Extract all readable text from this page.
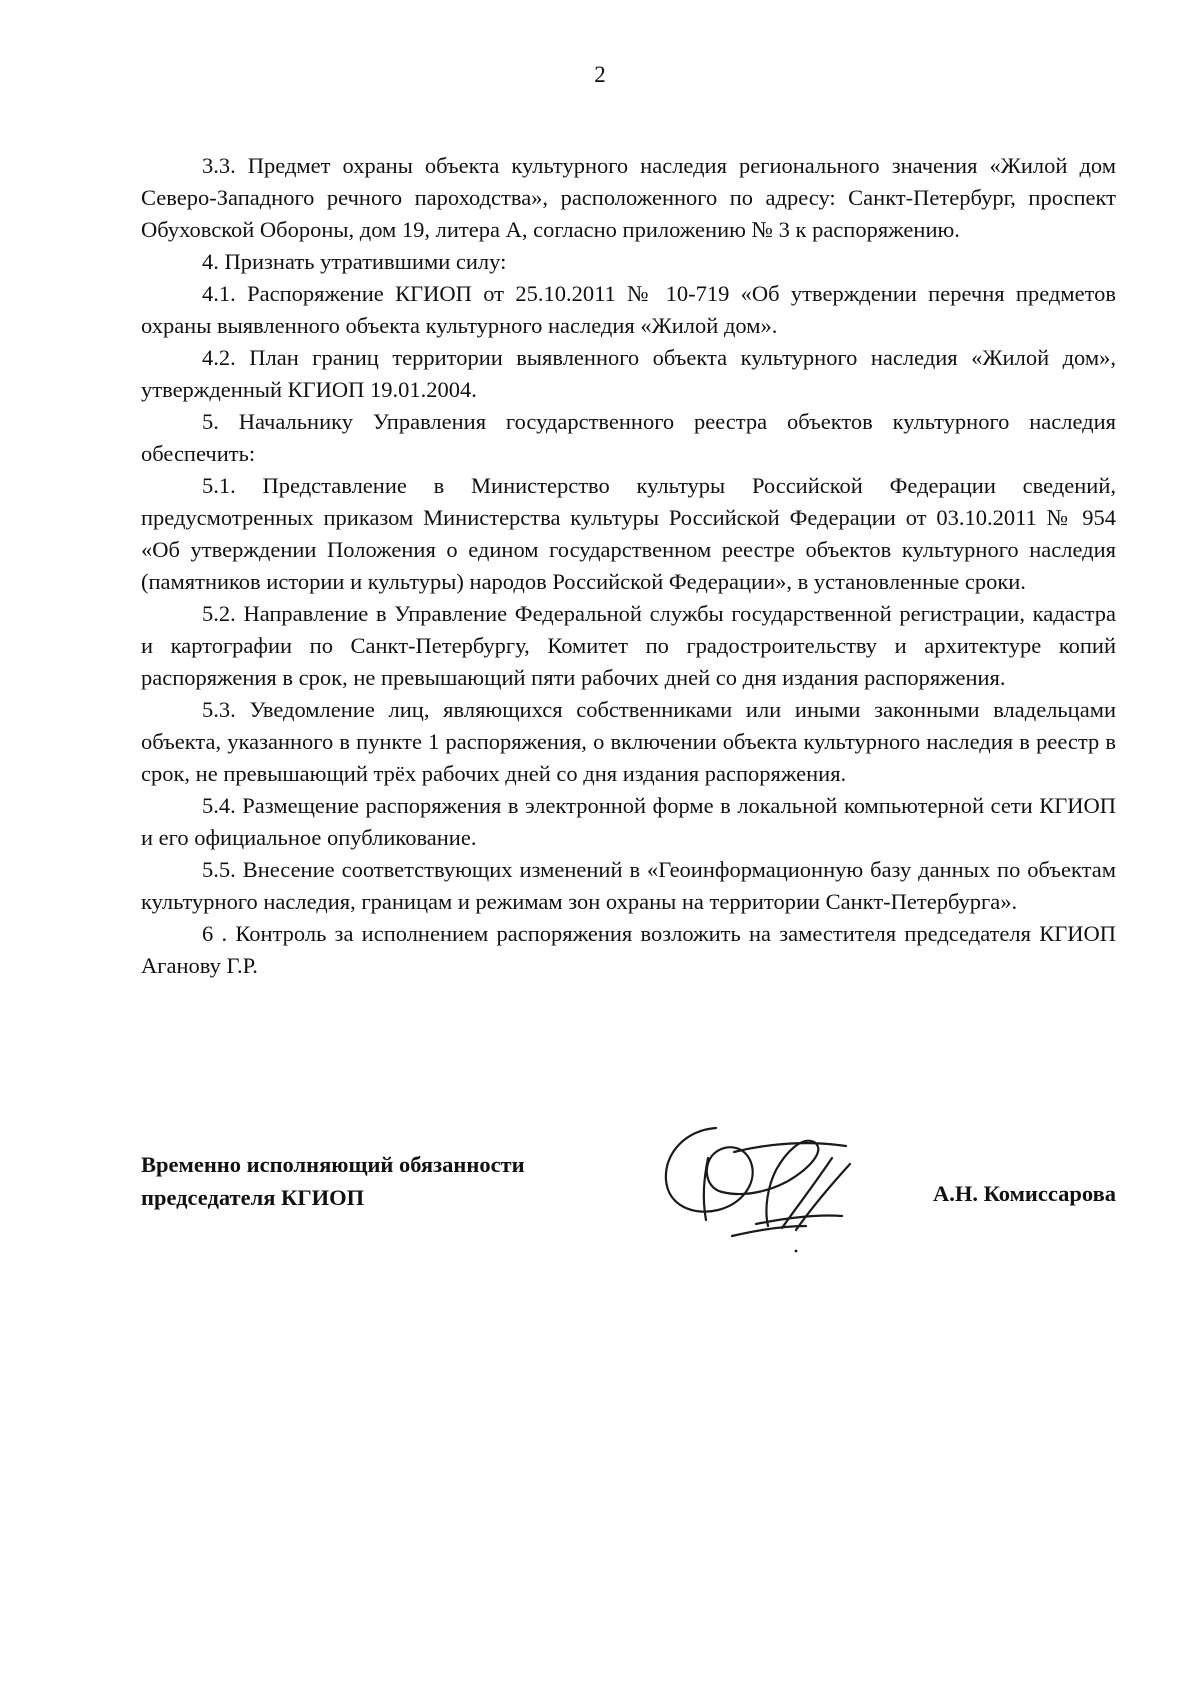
2

3.3. Предмет охраны объекта культурного наследия регионального значения «Жилой дом Северо-Западного речного пароходства», расположенного по адресу: Санкт-Петербург, проспект Обуховской Обороны, дом 19, литера А, согласно приложению № 3 к распоряжению.

4. Признать утратившими силу:

4.1. Распоряжение КГИОП от 25.10.2011 № 10-719 «Об утверждении перечня предметов охраны выявленного объекта культурного наследия «Жилой дом».

4.2. План границ территории выявленного объекта культурного наследия «Жилой дом», утвержденный КГИОП 19.01.2004.

5. Начальнику Управления государственного реестра объектов культурного наследия обеспечить:

5.1. Представление в Министерство культуры Российской Федерации сведений, предусмотренных приказом Министерства культуры Российской Федерации от 03.10.2011 № 954 «Об утверждении Положения о едином государственном реестре объектов культурного наследия (памятников истории и культуры) народов Российской Федерации», в установленные сроки.

5.2. Направление в Управление Федеральной службы государственной регистрации, кадастра и картографии по Санкт-Петербургу, Комитет по градостроительству и архитектуре копий распоряжения в срок, не превышающий пяти рабочих дней со дня издания распоряжения.

5.3. Уведомление лиц, являющихся собственниками или иными законными владельцами объекта, указанного в пункте 1 распоряжения, о включении объекта культурного наследия в реестр в срок, не превышающий трёх рабочих дней со дня издания распоряжения.

5.4. Размещение распоряжения в электронной форме в локальной компьютерной сети КГИОП и его официальное опубликование.

5.5. Внесение соответствующих изменений в «Геоинформационную базу данных по объектам культурного наследия, границам и режимам зон охраны на территории Санкт-Петербурга».

6 . Контроль за исполнением распоряжения возложить на заместителя председателя КГИОП Аганову Г.Р.

Временно исполняющий обязанности
председателя КГИОП	А.Н. Комиссарова
